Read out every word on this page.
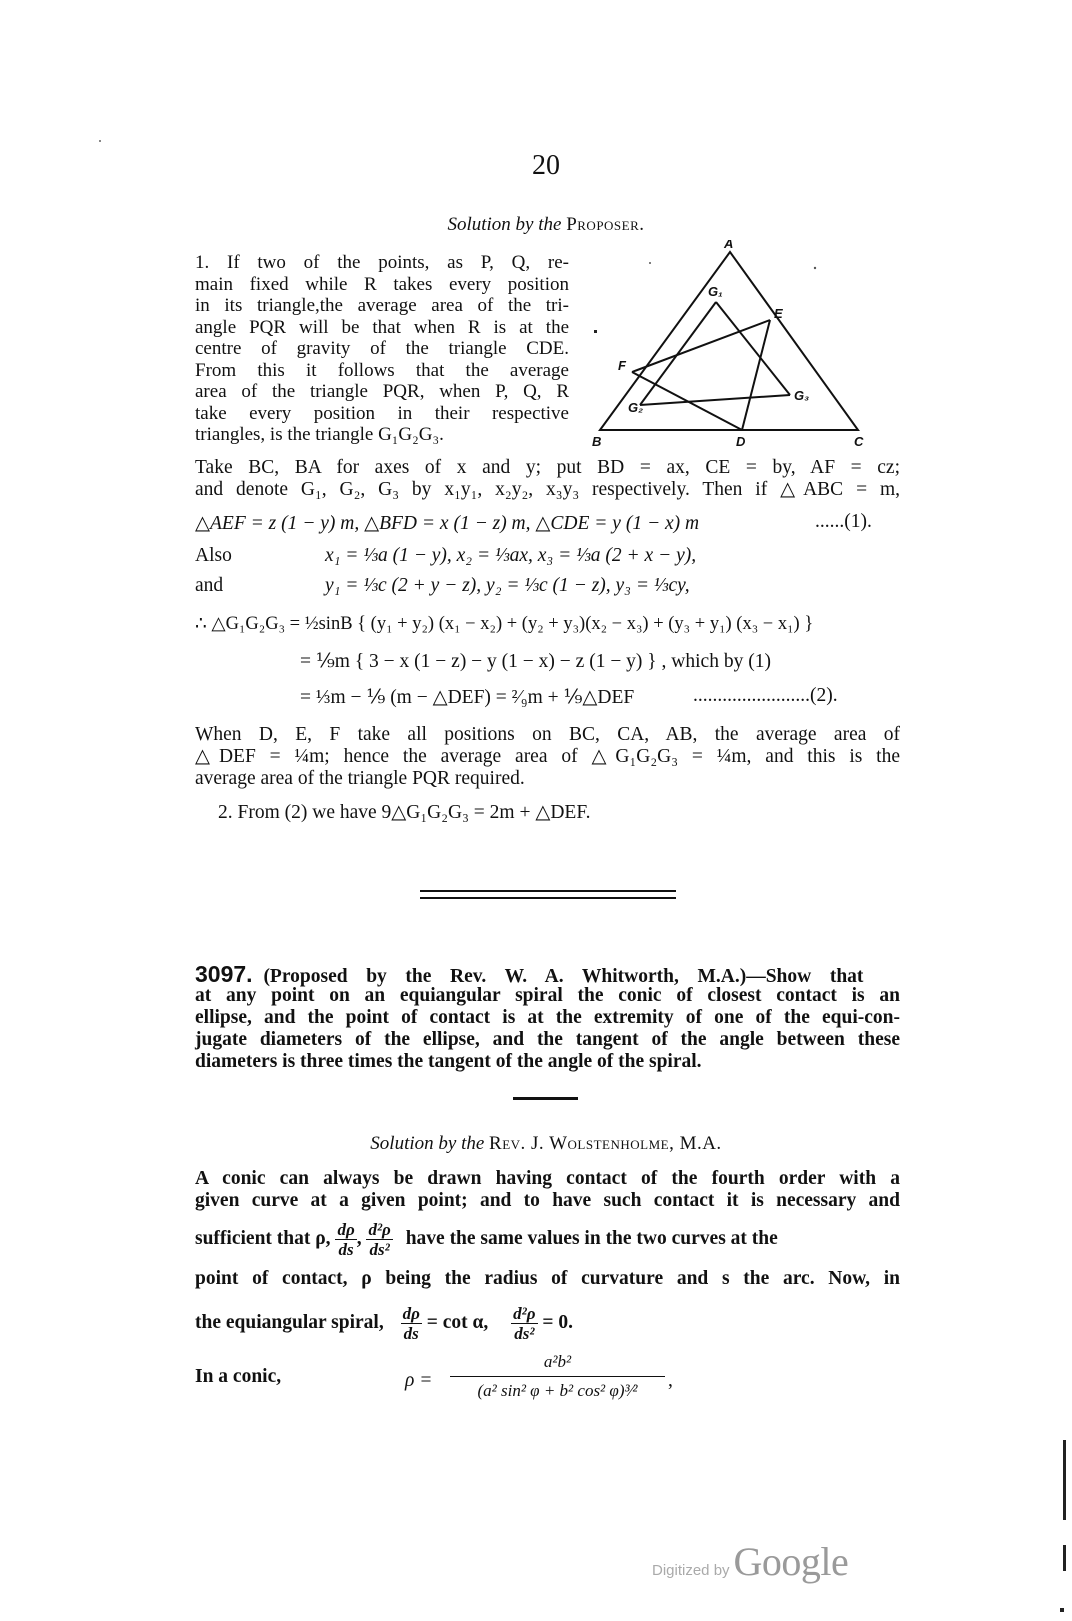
20
Solution by the Proposer.
1. If two of the points, as P, Q, re-
main fixed while R takes every position
in its triangle,the average area of the tri-
angle PQR will be that when R is at the
centre of gravity of the triangle CDE.
From this it follows that the average
area of the triangle PQR, when P, Q, R
take every position in their respective
triangles, is the triangle G₁G₂G₃.
A
B	C
D
E
F
G₁
G₂
G₃
Take BC, BA for axes of x and y; put BD = ax, CE = by, AF = cz;
and denote G₁, G₂, G₃ by x₁y₁, x₂y₂, x₃y₃ respectively. Then if △ABC = m,
△AEF = z (1 − y) m, △BFD = x (1 − z) m, △CDE = y (1 − x) m	......(1).
Also	x₁ = ⅓a (1 − y), x₂ = ⅓ax, x₃ = ⅓a (2 + x − y),
and	y₁ = ⅓c (2 + y − z), y₂ = ⅓c (1 − z), y₃ = ⅓cy,
∴ △G₁G₂G₃ = ½sinB { (y₁ + y₂) (x₁ − x₂) + (y₂ + y₃)(x₂ − x₃) + (y₃ + y₁) (x₃ − x₁) }
= ⅑m { 3 − x (1 − z) − y (1 − x) − z (1 − y) } , which by (1)
= ⅓m − ⅑ (m − △DEF) = ²⁄₉m + ⅑△DEF	........................(2).
When D, E, F take all positions on BC, CA, AB, the average area of
△DEF = ¼m; hence the average area of △G₁G₂G₃ = ¼m, and this is the
average area of the triangle PQR required.
2. From (2) we have 9△G₁G₂G₃ = 2m + △DEF.
3097. (Proposed by the Rev. W. A. Whitworth, M.A.)—Show that
at any point on an equiangular spiral the conic of closest contact is an
ellipse, and the point of contact is at the extremity of one of the equi-con-
jugate diameters of the ellipse, and the tangent of the angle between these
diameters is three times the tangent of the angle of the spiral.
Solution by the Rev. J. Wolstenholme, M.A.
A conic can always be drawn having contact of the fourth order with a
given curve at a given point; and to have such contact it is necessary and
sufficient that ρ, $\frac{d\rho}{ds}$ , $\frac{\text{d²ρ}}{\text{ds²}}$ have the same values in the two curves at the
point of contact, ρ being the radius of curvature and s the arc. Now, in
the equiangular spiral, $\frac{d\rho}{ds} = \cot \alpha$, $\frac{\text{d²ρ}}{\text{ds²}} = 0$.
In a conic,	$\rho = \frac{\text{a²b²}}{\text{(a² sin² φ + b² cos² φ)³⁄²}}$ ,
Digitized by Google
